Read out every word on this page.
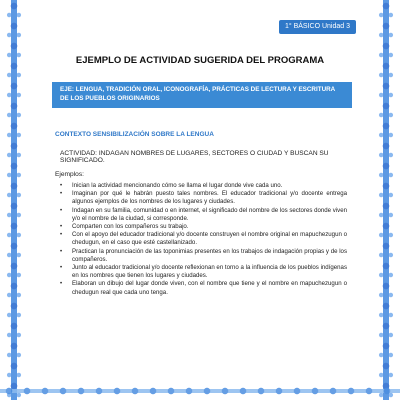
1° BÁSICO Unidad 3
EJEMPLO DE ACTIVIDAD SUGERIDA DEL PROGRAMA
EJE: LENGUA, TRADICIÓN ORAL, ICONOGRAFÍA, PRÁCTICAS DE LECTURA Y ESCRITURA DE LOS PUEBLOS ORIGINARIOS
CONTEXTO SENSIBILIZACIÓN SOBRE LA LENGUA
ACTIVIDAD: INDAGAN NOMBRES DE LUGARES, SECTORES O CIUDAD Y BUSCAN SU SIGNIFICADO.
Ejemplos:
• Inician la actividad mencionando cómo se llama el lugar donde vive cada uno.
• Imaginan por qué le habrán puesto tales nombres. El educador tradicional y/o docente entrega algunos ejemplos de los nombres de los lugares y ciudades.
• Indagan en su familia, comunidad o en internet, el significado del nombre de los sectores donde viven y/o el nombre de la ciudad, si corresponde.
• Comparten con los compañeros su trabajo.
• Con el apoyo del educador tradicional y/o docente construyen el nombre original en mapuchezugun o chedugun, en el caso que esté castellanizado.
• Practican la pronunciación de las toponimias presentes en los trabajos de indagación propias y de los compañeros.
• Junto al educador tradicional y/o docente reflexionan en torno a la influencia de los pueblos indígenas en los nombres que tienen los lugares y ciudades.
• Elaboran un dibujo del lugar donde viven, con el nombre que tiene y el nombre en mapuchezugun o chedugun real que cada uno tenga.
